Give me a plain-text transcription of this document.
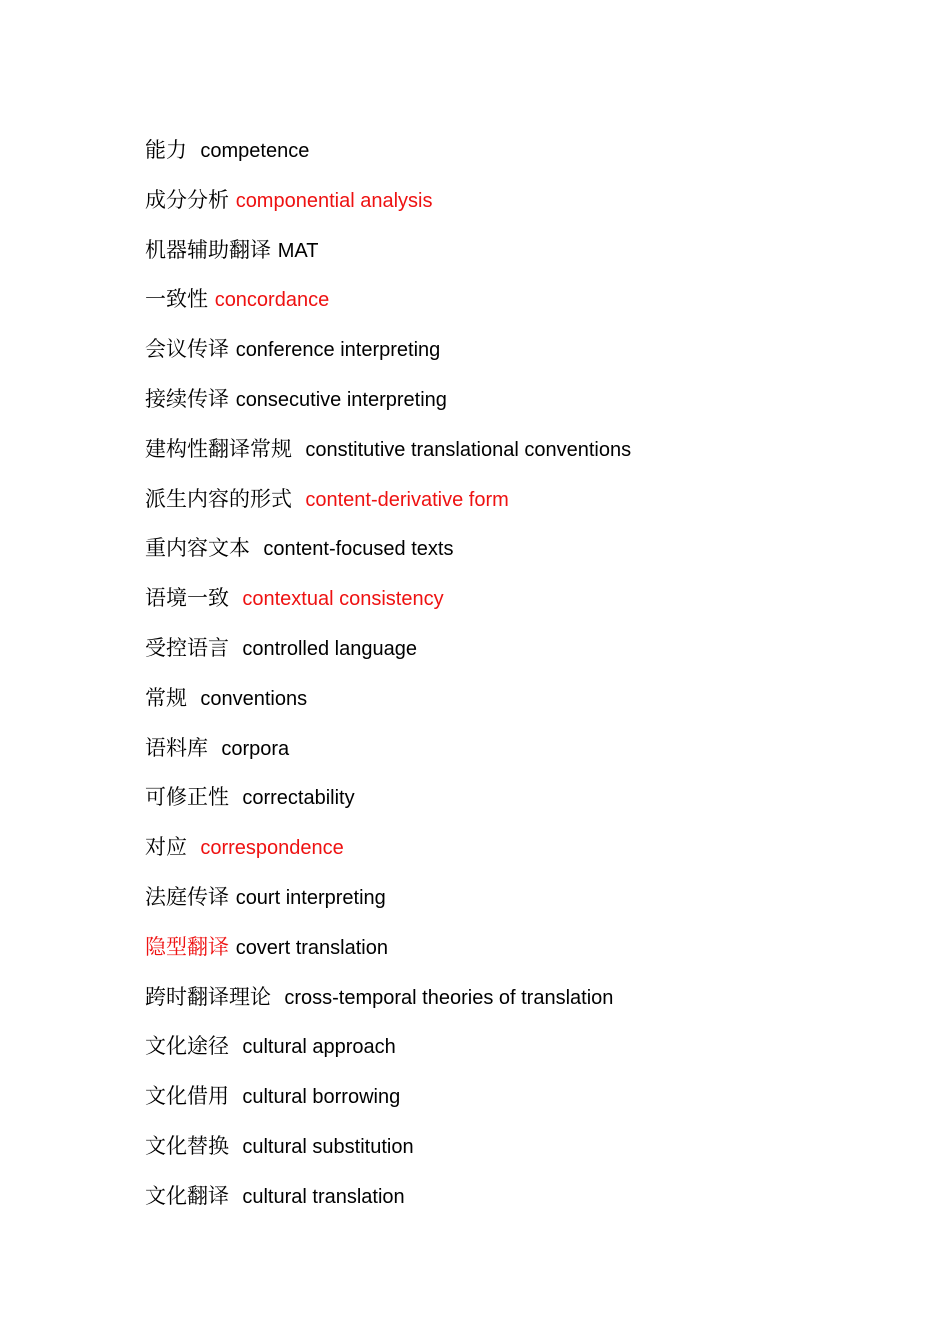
能力 competence
成分分析 componential analysis
机器辅助翻译 MAT
一致性 concordance
会议传译 conference interpreting
接续传译 consecutive interpreting
建构性翻译常规 constitutive translational conventions
派生内容的形式 content-derivative form
重内容文本 content-focused texts
语境一致 contextual consistency
受控语言 controlled language
常规 conventions
语料库 corpora
可修正性 correctability
对应 correspondence
法庭传译 court interpreting
隐型翻译 covert translation
跨时翻译理论 cross-temporal theories of translation
文化途径 cultural approach
文化借用 cultural borrowing
文化替换 cultural substitution
文化翻译 cultural translation
